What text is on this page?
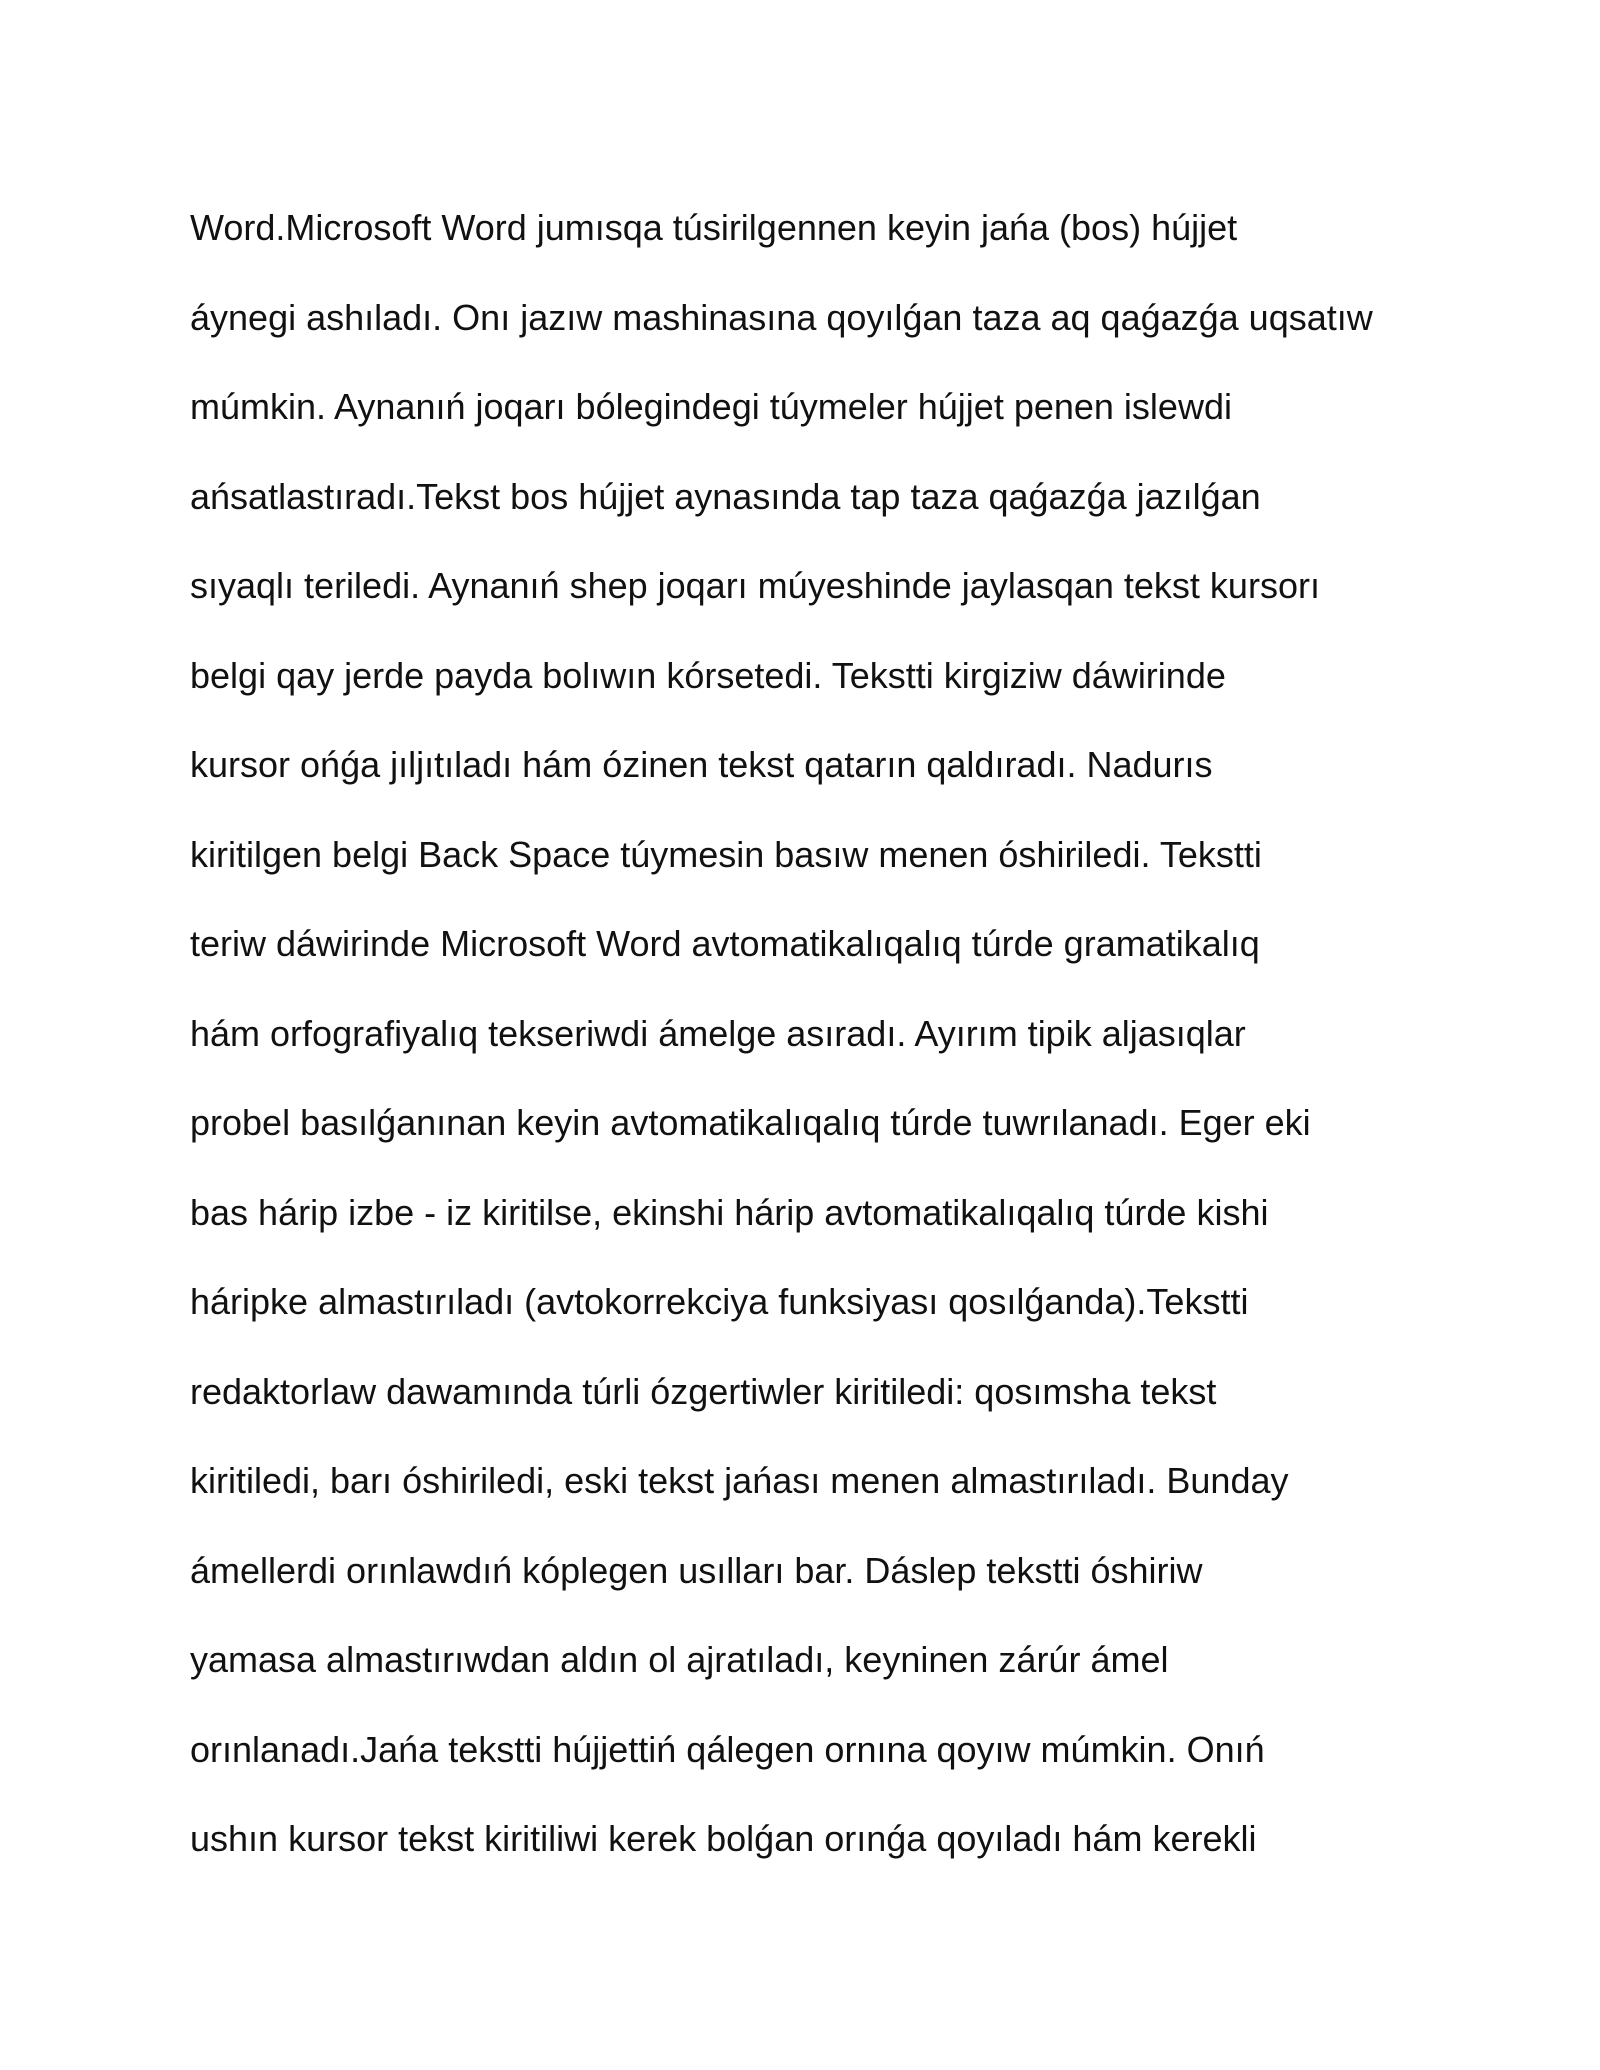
Word.Microsoft Word jumısqa túsirilgennen keyin jańa (bos) hújjet
áynegi ashıladı. Onı jazıw mashinasına qoyılǵan taza aq qaǵazǵa uqsatıw
múmkin. Aynanıń joqarı bólegindegi túymeler hújjet penen islewdi
ańsatlastıradı.Tekst bos hújjet aynasında tap taza qaǵazǵa jazılǵan
sıyaqlı teriledi. Aynanıń shep joqarı múyeshinde jaylasqan tekst kursorı
belgi qay jerde payda bolıwın kórsetedi. Tekstti kirgiziw dáwirinde
kursor ońǵa jıljıtıladı hám ózinen tekst qatarın qaldıradı. Nadurıs
kiritilgen belgi Back Space túymesin basıw menen óshiriledi. Tekstti
teriw dáwirinde Microsoft Word avtomatikalıqalıq túrde gramatikalıq
hám orfografiyalıq tekseriwdi ámelge asıradı. Ayırım tipik aljasıqlar
probel basılǵanınan keyin avtomatikalıqalıq túrde tuwrılanadı. Eger eki
bas hárip izbe - iz kiritilse, ekinshi hárip avtomatikalıqalıq túrde kishi
háripke almastırıladı (avtokorrekciya funksiyası qosılǵanda).Tekstti
redaktorlaw dawamında túrli ózgertiwler kiritiledi: qosımsha tekst
kiritiledi, barı óshiriledi, eski tekst jańası menen almastırıladı. Bunday
ámellerdi orınlawdıń kóplegen usılları bar. Dáslep tekstti óshiriw
yamasa almastırıwdan aldın ol ajratıladı, keyninen zárúr ámel
orınlanadı.Jańa tekstti hújjettiń qálegen ornına qoyıw múmkin. Onıń
ushın kursor tekst kiritiliwi kerek bolǵan orınǵa qoyıladı hám kerekli
